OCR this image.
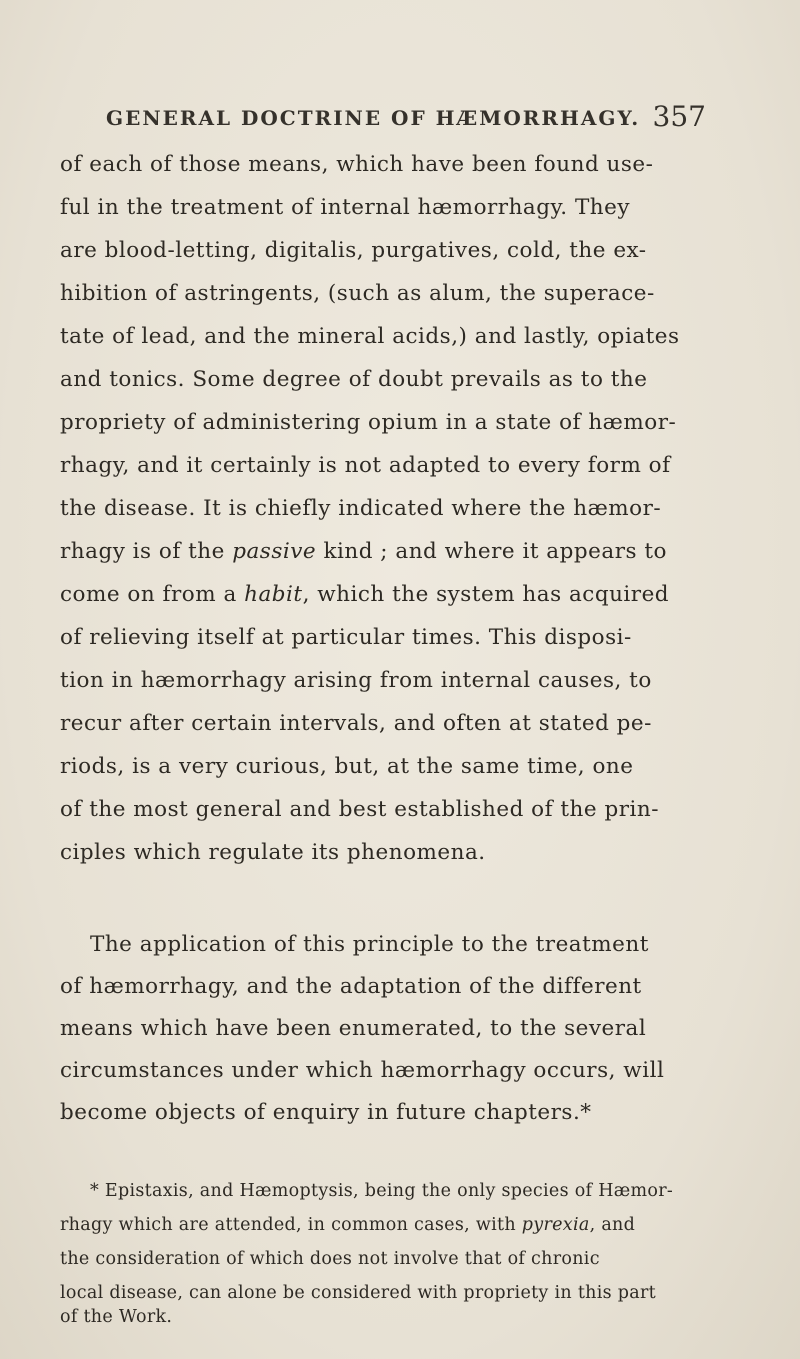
GENERAL DOCTRINE OF HÆMORRHAGY. 357
of each of those means, which have been found use-
ful in the treatment of internal hæmorrhagy. They
are blood-letting, digitalis, purgatives, cold, the ex-
hibition of astringents, (such as alum, the superace-
tate of lead, and the mineral acids,) and lastly, opiates
and tonics. Some degree of doubt prevails as to the
propriety of administering opium in a state of hæmor-
rhagy, and it certainly is not adapted to every form of
the disease. It is chiefly indicated where the hæmor-
rhagy is of the passive kind ; and where it appears to
come on from a habit, which the system has acquired
of relieving itself at particular times. This disposi-
tion in hæmorrhagy arising from internal causes, to
recur after certain intervals, and often at stated pe-
riods, is a very curious, but, at the same time, one
of the most general and best established of the prin-
ciples which regulate its phenomena.
The application of this principle to the treatment
of hæmorrhagy, and the adaptation of the different
means which have been enumerated, to the several
circumstances under which hæmorrhagy occurs, will
become objects of enquiry in future chapters.*
* Epistaxis, and Hæmoptysis, being the only species of Hæmor-
rhagy which are attended, in common cases, with pyrexia, and
the consideration of which does not involve that of chronic
local disease, can alone be considered with propriety in this part
of the Work.
